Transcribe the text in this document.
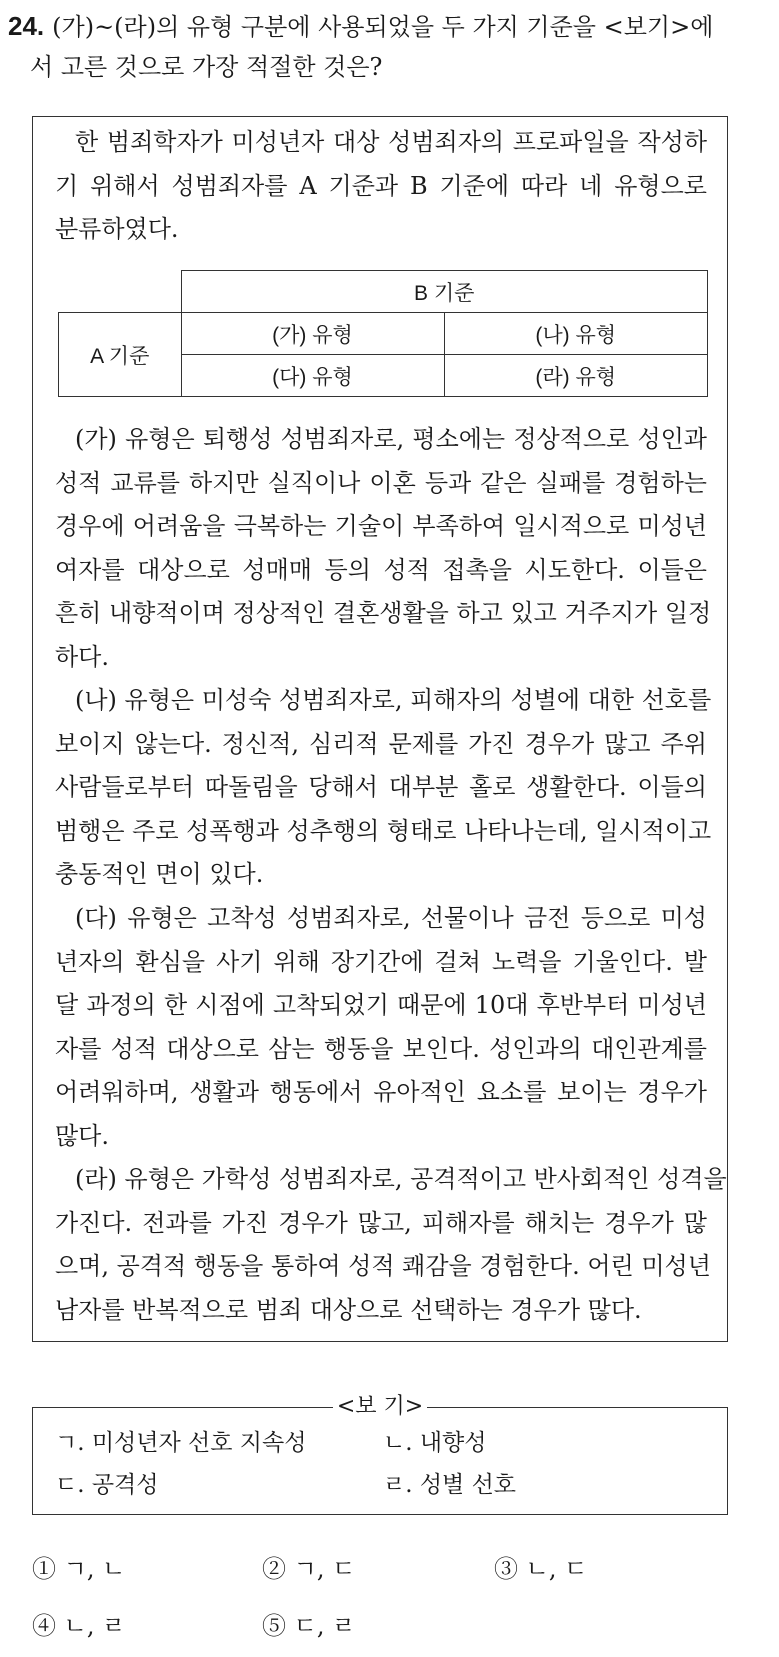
24. (가)~(라)의 유형 구분에 사용되었을 두 가지 기준을 <보기>에
서 고른 것으로 가장 적절한 것은?
한 범죄학자가 미성년자 대상 성범죄자의 프로파일을 작성하
기 위해서 성범죄자를 A 기준과 B 기준에 따라 네 유형으로
분류하였다.
	B 기준	
A 기준	(가) 유형	(나) 유형
	(다) 유형	(라) 유형
(가) 유형은 퇴행성 성범죄자로, 평소에는 정상적으로 성인과
성적 교류를 하지만 실직이나 이혼 등과 같은 실패를 경험하는
경우에 어려움을 극복하는 기술이 부족하여 일시적으로 미성년
여자를 대상으로 성매매 등의 성적 접촉을 시도한다. 이들은
흔히 내향적이며 정상적인 결혼생활을 하고 있고 거주지가 일정
하다.
(나) 유형은 미성숙 성범죄자로, 피해자의 성별에 대한 선호를
보이지 않는다. 정신적, 심리적 문제를 가진 경우가 많고 주위
사람들로부터 따돌림을 당해서 대부분 홀로 생활한다. 이들의
범행은 주로 성폭행과 성추행의 형태로 나타나는데, 일시적이고
충동적인 면이 있다.
(다) 유형은 고착성 성범죄자로, 선물이나 금전 등으로 미성
년자의 환심을 사기 위해 장기간에 걸쳐 노력을 기울인다. 발
달 과정의 한 시점에 고착되었기 때문에 10대 후반부터 미성년
자를 성적 대상으로 삼는 행동을 보인다. 성인과의 대인관계를
어려워하며, 생활과 행동에서 유아적인 요소를 보이는 경우가
많다.
(라) 유형은 가학성 성범죄자로, 공격적이고 반사회적인 성격을
가진다. 전과를 가진 경우가 많고, 피해자를 해치는 경우가 많
으며, 공격적 행동을 통하여 성적 쾌감을 경험한다. 어린 미성년
남자를 반복적으로 범죄 대상으로 선택하는 경우가 많다.
ㄱ. 미성년자 선호 지속성	ㄴ. 내향성
ㄷ. 공격성	ㄹ. 성별 선호
<보 기>
① ㄱ, ㄴ	② ㄱ, ㄷ	③ ㄴ, ㄷ
④ ㄴ, ㄹ	⑤ ㄷ, ㄹ
